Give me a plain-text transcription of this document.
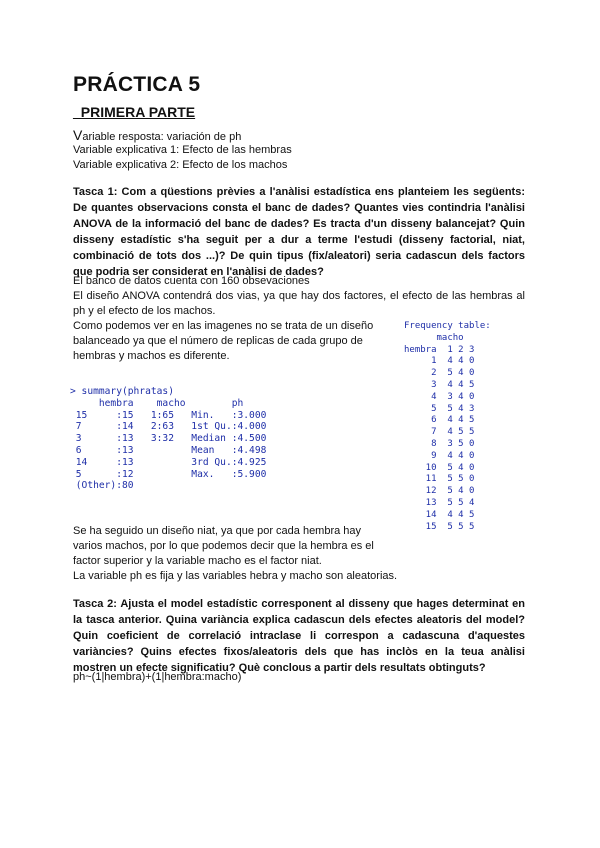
PRÁCTICA 5
_PRIMERA PARTE
Variable resposta: variación de ph
Variable explicativa 1: Efecto de las hembras
Variable explicativa 2: Efecto de los machos
Tasca 1: Com a qüestions prèvies a l'anàlisi estadística ens planteiem les següents: De quantes observacions consta el banc de dades? Quantes vies contindria l'anàlisi ANOVA de la informació del banc de dades? Es tracta d'un disseny balancejat? Quin disseny estadístic s'ha seguit per a dur a terme l'estudi (disseny factorial, niat, combinació de tots dos ...)? De quin tipus (fix/aleatori) seria cadascun dels factors que podria ser considerat en l'anàlisi de dades?
El banco de datos cuenta con 160 obsevaciones
El diseño ANOVA contendrá dos vias, ya que hay dos factores, el efecto de las hembras al ph y el efecto de los machos.
Como podemos ver en las imagenes no se trata de un diseño balanceado ya que el número de replicas de cada grupo de hembras y machos es diferente.
> summary(phratas)
hembra    macho        ph
15     :15   1:65   Min.   :3.000
7      :14   2:63   1st Qu.:4.000
3      :13   3:32   Median :4.500
6      :13          Mean   :4.498
14     :13          3rd Qu.:4.925
5      :12          Max.   :5.900
(Other):80
Frequency table:
macho
hembra  1 2 3
1  4 4 0
2  5 4 0
3  4 4 5
4  3 4 0
5  5 4 3
6  4 4 5
7  4 5 5
8  3 5 0
9  4 4 0
10  5 4 0
11  5 5 0
12  5 4 0
13  5 5 4
14  4 4 5
15  5 5 5
Se ha seguido un diseño niat, ya que por cada hembra hay varios machos, por lo que podemos decir que la hembra es el factor superior y la variable macho es el factor niat.
La variable ph es fija y las variables hebra y macho son aleatorias.
Tasca 2: Ajusta el model estadístic corresponent al disseny que hages determinat en la tasca anterior. Quina variància explica cadascun dels efectes aleatoris del model? Quin coeficient de correlació intraclase li correspon a cadascuna d'aquestes variàncies? Quins efectes fixos/aleatoris dels que has inclòs en la teua anàlisi mostren un efecte significatiu? Què conclous a partir dels resultats obtinguts?
ph~(1|hembra)+(1|hembra:macho)
